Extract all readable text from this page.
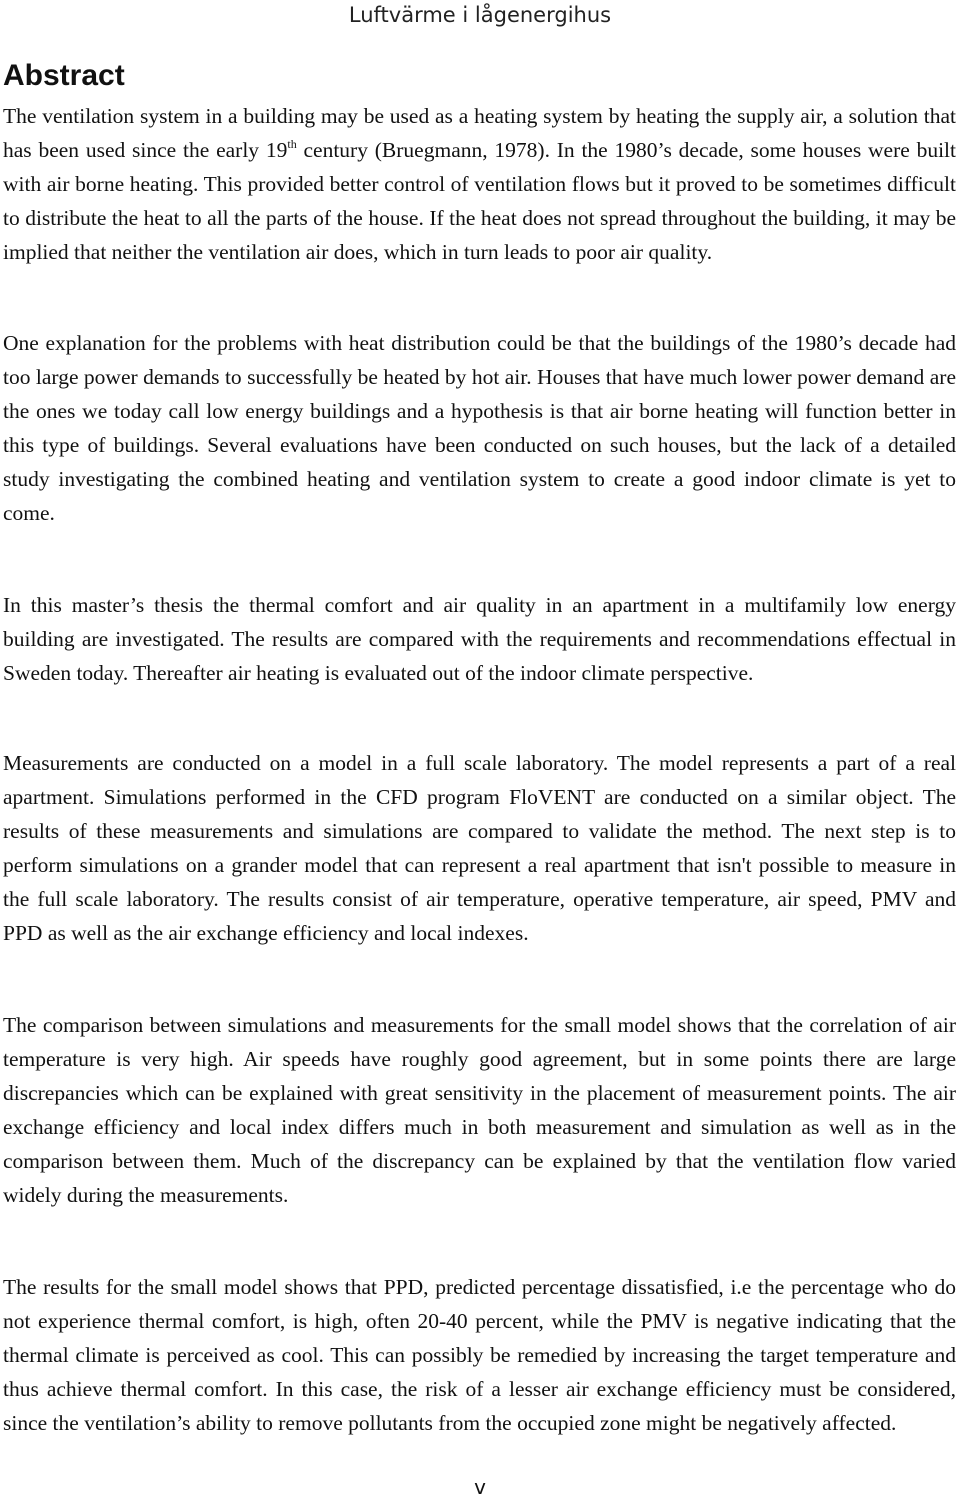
Luftvärme i lågenergihus
Abstract

The ventilation system in a building may be used as a heating system by heating the supply air, a solution that has been used since the early 19th century (Bruegmann, 1978). In the 1980’s decade, some houses were built with air borne heating. This provided better control of ventilation flows but it proved to be sometimes difficult to distribute the heat to all the parts of the house. If the heat does not spread throughout the building, it may be implied that neither the ventilation air does, which in turn leads to poor air quality.

One explanation for the problems with heat distribution could be that the buildings of the 1980’s decade had too large power demands to successfully be heated by hot air. Houses that have much lower power demand are the ones we today call low energy buildings and a hypothesis is that air borne heating will function better in this type of buildings. Several evaluations have been conducted on such houses, but the lack of a detailed study investigating the combined heating and ventilation system to create a good indoor climate is yet to come.

In this master’s thesis the thermal comfort and air quality in an apartment in a multifamily low energy building are investigated. The results are compared with the requirements and recommendations effectual in Sweden today. Thereafter air heating is evaluated out of the indoor climate perspective.

Measurements are conducted on a model in a full scale laboratory. The model represents a part of a real apartment. Simulations performed in the CFD program FloVENT are conducted on a similar object. The results of these measurements and simulations are compared to validate the method. The next step is to perform simulations on a grander model that can represent a real apartment that isn't possible to measure in the full scale laboratory. The results consist of air temperature, operative temperature, air speed, PMV and PPD as well as the air exchange efficiency and local indexes.

The comparison between simulations and measurements for the small model shows that the correlation of air temperature is very high. Air speeds have roughly good agreement, but in some points there are large discrepancies which can be explained with great sensitivity in the placement of measurement points. The air exchange efficiency and local index differs much in both measurement and simulation as well as in the comparison between them. Much of the discrepancy can be explained by that the ventilation flow varied widely during the measurements.

The results for the small model shows that PPD, predicted percentage dissatisfied, i.e the percentage who do not experience thermal comfort, is high, often 20-40 percent, while the PMV is negative indicating that the thermal climate is perceived as cool. This can possibly be remedied by increasing the target temperature and thus achieve thermal comfort. In this case, the risk of a lesser air exchange efficiency must be considered, since the ventilation’s ability to remove pollutants from the occupied zone might be negatively affected.

v
